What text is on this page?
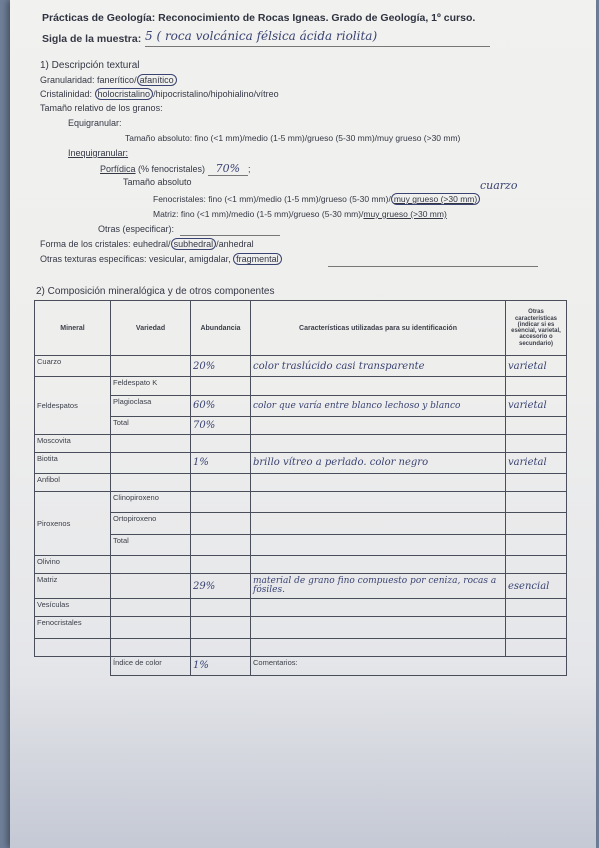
Prácticas de Geología: Reconocimiento de Rocas Igneas. Grado de Geología, 1º curso.
Sigla de la muestra: 5 ( roca volcánica félsica ácida riolita)
1) Descripción textural
Granularidad: fanerítico/ afanítico
Cristalinidad: holocristalino /hipocristalino/hipohialino/vítreo
Tamaño relativo de los granos:
Equigranular:
Tamaño absoluto: fino (<1 mm)/medio (1-5 mm)/grueso (5-30 mm)/muy grueso (>30 mm)
Inequigranular:
Porfídica (% fenocristales) 70% ;
Tamaño absoluto	cuarzo
Fenocristales: fino (<1 mm)/medio (1-5 mm)/grueso (5-30 mm)/ muy grueso (>30 mm)
Matriz: fino (<1 mm)/medio (1-5 mm)/grueso (5-30 mm)/muy grueso (>30 mm)
Otras (especificar):
Forma de los cristales: euhedral/ subhedral /anhedral
Otras texturas específicas: vesicular, amigdalar, fragmental
2) Composición mineralógica y de otros componentes
Mineral	Variedad	Abundancia	Características utilizadas para su identificación	Otras características (indicar si es esencial, varietal, accesorio o secundario)
Cuarzo		20%	color traslúcido casi transparente	varietal

Feldespatos	Feldespato K			
	Plagioclasa	60%	color que varía entre blanco lechoso y blanco	varietal

	Total	70%		

Moscovita				
Biotita		1%	brillo vítreo a perlado. color negro	varietal

Anfibol				
Piroxenos	Clinopiroxeno			
	Ortopiroxeno			
	Total			
Olivino				
Matriz		29%	material de grano fino compuesto por ceniza, rocas a fósiles.	esencial

Vesículas				
Fenocristales				

	Índice de color	1%	Comentarios:	
